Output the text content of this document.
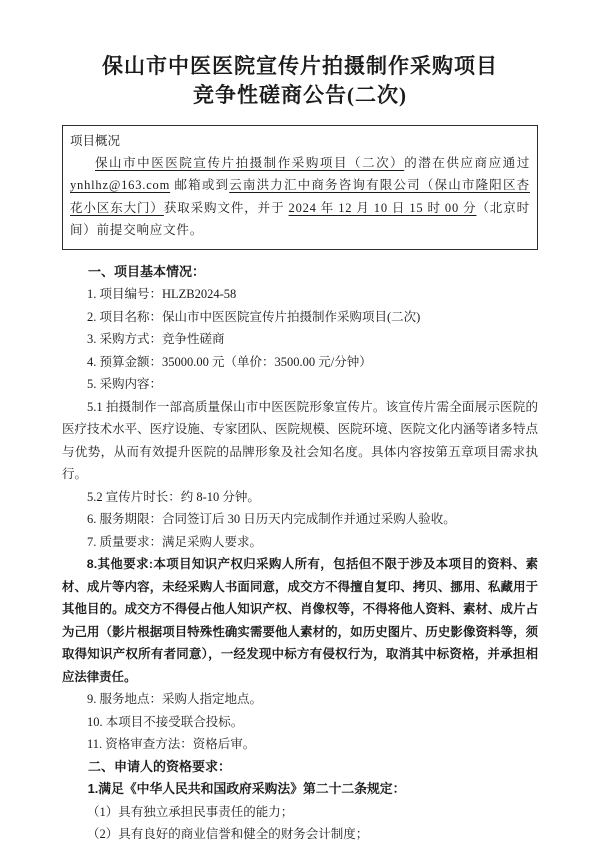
保山市中医医院宣传片拍摄制作采购项目
竞争性磋商公告(二次)

项目概况

保山市中医医院宣传片拍摄制作采购项目（二次）的潜在供应商应通过ynhlhz@163.com 邮箱或到云南洪力汇中商务咨询有限公司（保山市隆阳区杏花小区东大门）获取采购文件，并于 2024 年 12 月 10 日 15 时 00 分（北京时间）前提交响应文件。

一、项目基本情况：

1. 项目编号：HLZB2024-58

2. 项目名称：保山市中医医院宣传片拍摄制作采购项目(二次)

3. 采购方式：竞争性磋商

4. 预算金额：35000.00 元（单价：3500.00 元/分钟）

5. 采购内容：

5.1 拍摄制作一部高质量保山市中医医院形象宣传片。该宣传片需全面展示医院的医疗技术水平、医疗设施、专家团队、医院规模、医院环境、医院文化内涵等诸多特点与优势，从而有效提升医院的品牌形象及社会知名度。具体内容按第五章项目需求执行。

5.2 宣传片时长：约 8-10 分钟。

6. 服务期限：合同签订后 30 日历天内完成制作并通过采购人验收。

7. 质量要求：满足采购人要求。

8.其他要求:本项目知识产权归采购人所有，包括但不限于涉及本项目的资料、素材、成片等内容，未经采购人书面同意，成交方不得擅自复印、拷贝、挪用、私藏用于其他目的。成交方不得侵占他人知识产权、肖像权等，不得将他人资料、素材、成片占为己用（影片根据项目特殊性确实需要他人素材的，如历史图片、历史影像资料等，须取得知识产权所有者同意），一经发现中标方有侵权行为，取消其中标资格，并承担相应法律责任。

9. 服务地点：采购人指定地点。

10. 本项目不接受联合投标。

11. 资格审查方法：资格后审。

二、申请人的资格要求：

1.满足《中华人民共和国政府采购法》第二十二条规定：

（1）具有独立承担民事责任的能力；

（2）具有良好的商业信誉和健全的财务会计制度；
